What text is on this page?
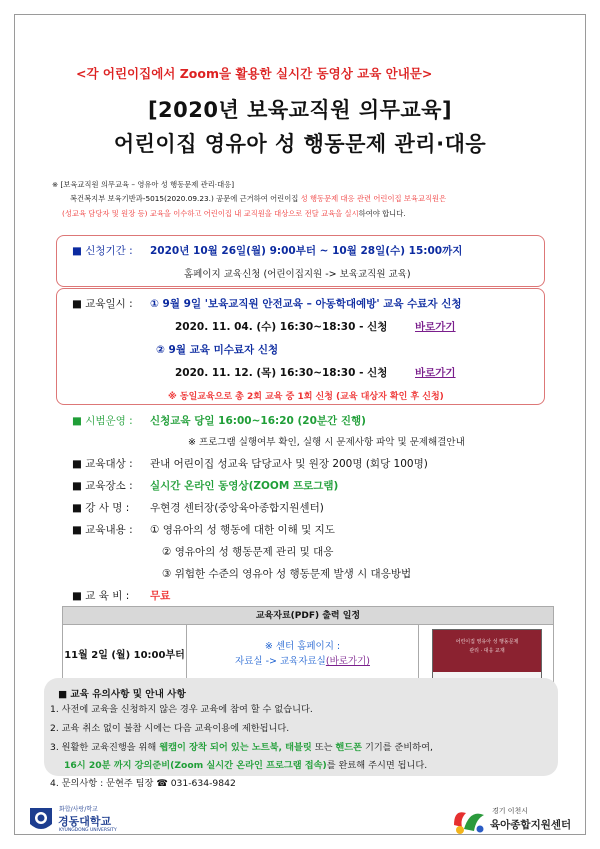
<각 어린이집에서 Zoom을 활용한 실시간 동영상 교육 안내문>
[2020년 보육교직원 의무교육]
어린이집 영유아 성 행동문제 관리·대응
※ [보육교직원 의무교육 – 영유아 성 행동문제 관리·대응]
복건복지부 보육기반과-5015(2020.09.23.) 공문에 근거하여 어린이집 성 행동문제 대응 관련 어린이집 보육교직원은
(성교육 담당자 및 원장 등) 교육을 이수하고 어린이집 내 교직원을 대상으로 전달 교육을 실시하여야 합니다.
■ 신청기간 : 2020년 10월 26일(월) 9:00부터 ~ 10월 28일(수) 15:00까지
홈페이지 교육신청 (어린이집지원 -> 보육교직원 교육)
■ 교육일시 : ① 9월 9일 '보육교직원 안전교육 – 아동학대예방' 교육 수료자 신청
2020. 11. 04. (수) 16:30~18:30 - 신청	바로가기
② 9월 교육 미수료자 신청
2020. 11. 12. (목) 16:30~18:30 - 신청	바로가기
※ 동일교육으로 총 2회 교육 중 1회 신청 (교육 대상자 확인 후 신청)
■ 시범운영 : 신청교육 당일 16:00~16:20 (20분간 진행)
※ 프로그램 실행여부 확인, 실행 시 문제사항 파악 및 문제해결안내
■ 교육대상 : 관내 어린이집 성교육 담당교사 및 원장 200명 (회당 100명)
■ 교육장소 : 실시간 온라인 동영상(ZOOM 프로그램)
■ 강 사 명 : 우현경 센터장(중앙육아종합지원센터)
■ 교육내용 : ① 영유아의 성 행동에 대한 이해 및 지도
② 영유아의 성 행동문제 관리 및 대응
③ 위험한 수준의 영유아 성 행동문제 발생 시 대응방법
■ 교 육 비 : 무료
교육자료(PDF) 출력 일정
11월 2일 (월) 10:00부터
※ 센터 홈페이지 :
자료실 -> 교육자료실(바로가기)
어린이집 영유아 성 행동문제
관리 · 대응 교재
■ 교육 유의사항 및 안내 사항
1. 사전에 교육을 신청하지 않은 경우 교육에 참여 할 수 없습니다.
2. 교육 취소 없이 불참 시에는 다음 교육이용에 제한됩니다.
3. 원활한 교육진행을 위해 웹캠이 장착 되어 있는 노트북, 태블릿 또는 핸드폰 기기를 준비하여,
16시 20분 까지 강의준비(Zoom 실시간 온라인 프로그램 접속)를 완료해 주시면 됩니다.
4. 문의사항 : 문현주 팀장 ☎ 031-634-9842
화합/사랑/학교
경동대학교
KYUNGDONG UNIVERSITY
경기 이천시
육아종합지원센터
